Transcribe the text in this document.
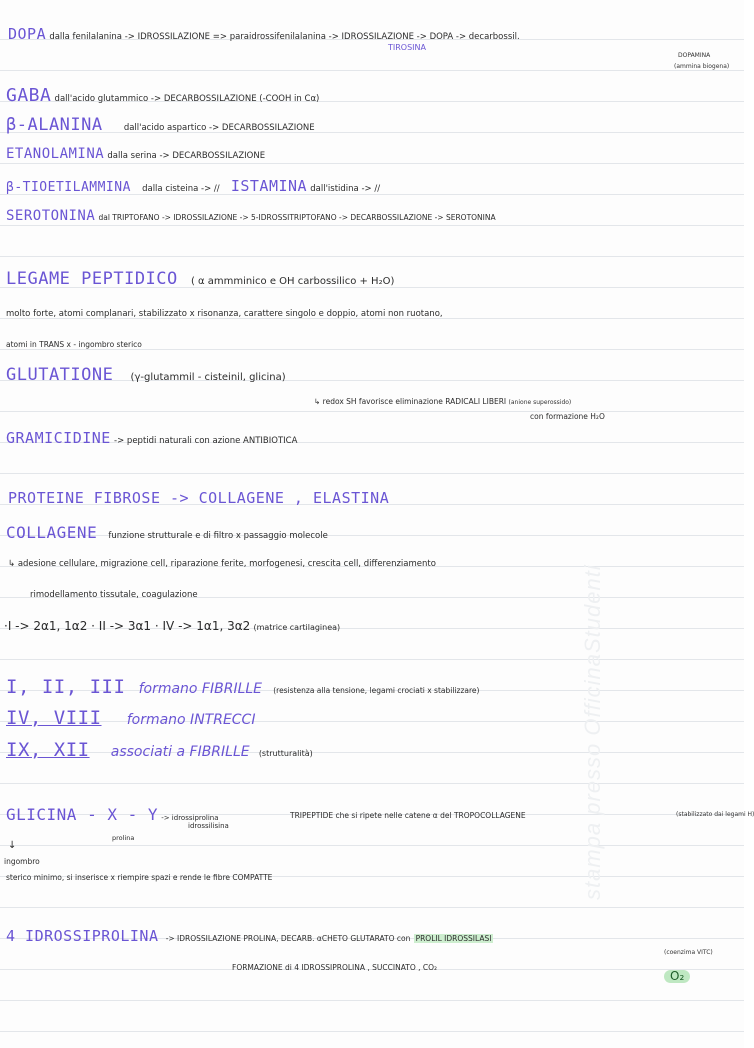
stampa presso OfficinaStudenti
DOPA dalla fenilalanina -> IDROSSILAZIONE => paraidrossifenilalanina -> IDROSSILAZIONE -> DOPA -> decarbossil.
TIROSINA
DOPAMINA
(ammina biogena)
GABA dall'acido glutammico -> DECARBOSSILAZIONE (-COOH in Cα)
β-ALANINA dall'acido aspartico -> DECARBOSSILAZIONE
ETANOLAMINA dalla serina -> DECARBOSSILAZIONE
β-TIOETILAMMINA dalla cisteina -> // ISTAMINA dall'istidina -> //
SEROTONINA dal TRIPTOFANO -> IDROSSILAZIONE -> 5-IDROSSITRIPTOFANO -> DECARBOSSILAZIONE -> SEROTONINA
LEGAME PEPTIDICO ( α ammminico e OH carbossilico + H₂O)
molto forte, atomi complanari, stabilizzato x risonanza, carattere singolo e doppio, atomi non ruotano,
atomi in TRANS x - ingombro sterico
GLUTATIONE (γ-glutammil - cisteinil, glicina)
↳ redox SH favorisce eliminazione RADICALI LIBERI (anione superossido)
con formazione H₂O
GRAMICIDINE -> peptidi naturali con azione ANTIBIOTICA
PROTEINE FIBROSE -> COLLAGENE , ELASTINA
COLLAGENE funzione strutturale e di filtro x passaggio molecole
↳ adesione cellulare, migrazione cell, riparazione ferite, morfogenesi, crescita cell, differenziamento
rimodellamento tissutale, coagulazione
·I -> 2α1, 1α2 · II -> 3α1 · IV -> 1α1, 3α2 (matrice cartilaginea)
I, II, III formano FIBRILLE (resistenza alla tensione, legami crociati x stabilizzare)
IV, VIII formano INTRECCI
IX, XII associati a FIBRILLE (strutturalità)
GLICINA - X - Y -> idrossiprolina
idrossilisina
prolina
TRIPEPTIDE che si ripete nelle catene α del TROPOCOLLAGENE	(stabilizzato dai legami H)
↓
ingombro
sterico minimo, si inserisce x riempire spazi e rende le fibre COMPATTE
4 IDROSSIPROLINA -> IDROSSILAZIONE PROLINA, DECARB. αCHETO GLUTARATO con PROLIL IDROSSILASI
(coenzima VITC)
FORMAZIONE di 4 IDROSSIPROLINA , SUCCINATO , CO₂
O₂
